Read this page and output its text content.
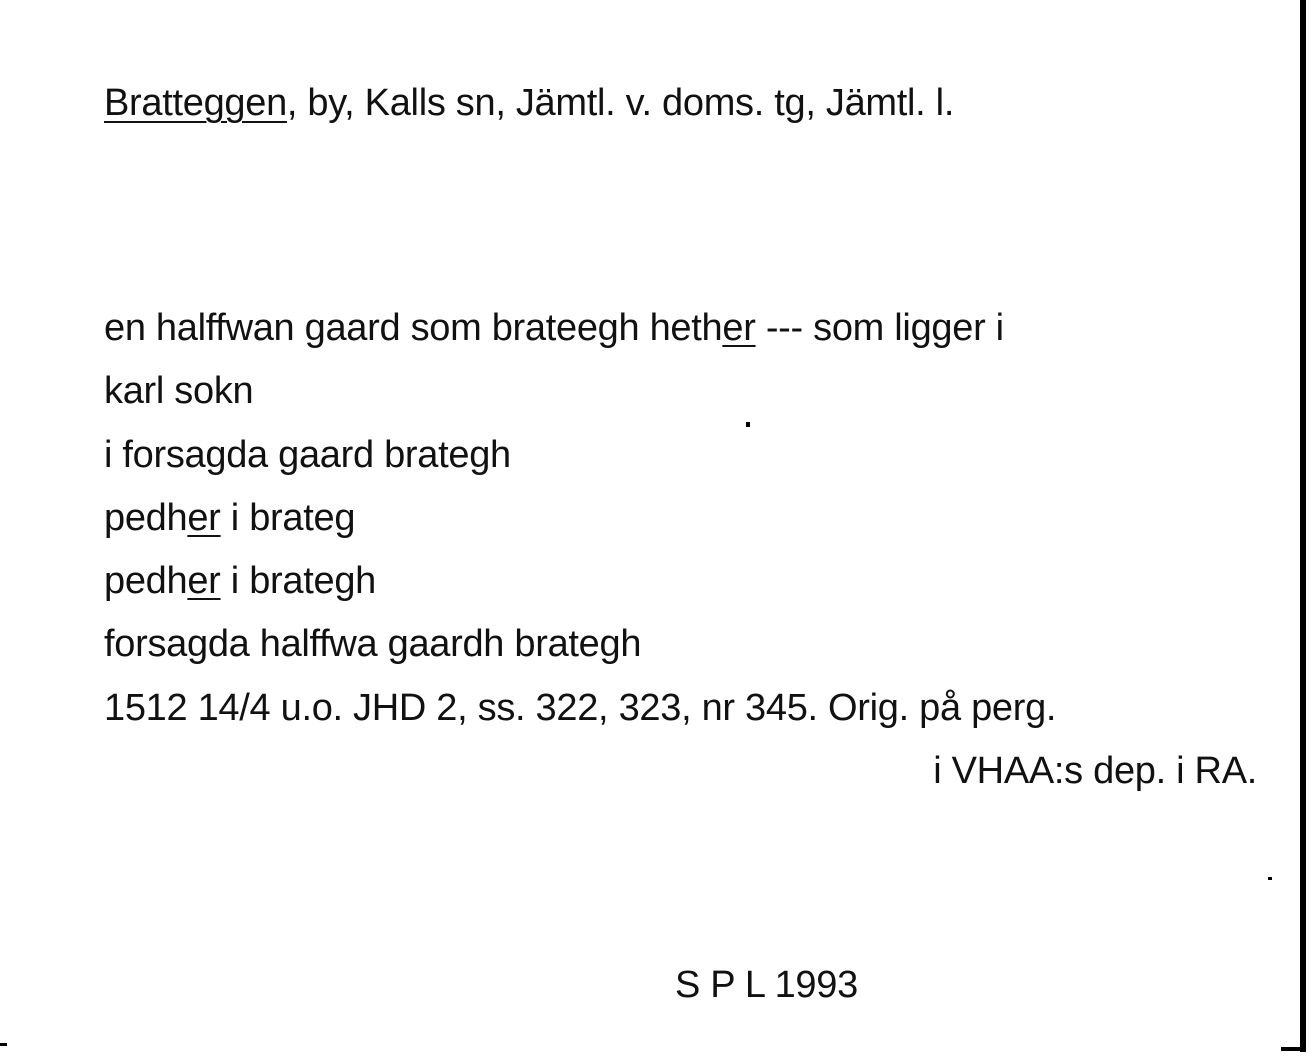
Bratteggen, by, Kalls sn, Jämtl. v. doms. tg, Jämtl. l.
en halffwan gaard som brateegh hether --- som ligger i
karl sokn
i forsagda gaard brategh
pedher i brateg
pedher i brategh
forsagda halffwa gaardh brategh
1512 14/4 u.o. JHD 2, ss. 322, 323, nr 345. Orig. på perg.
i VHAA:s dep. i RA.
S P L 1993
